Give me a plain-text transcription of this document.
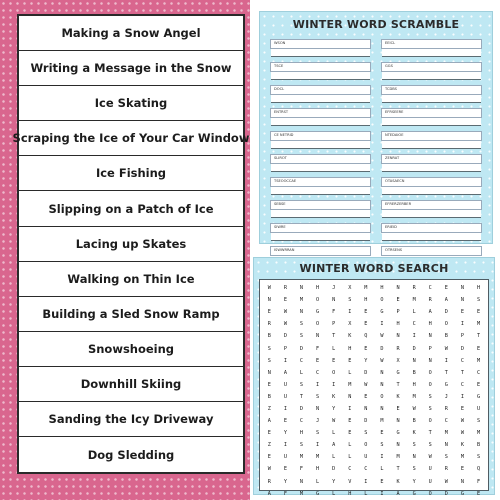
Making a Snow Angel
Writing a Message in the Snow
Ice Skating
Scraping the Ice of Your Car Window
Ice Fishing
Slipping on a Patch of Ice
Lacing up Skates
Walking on Thin Ice
Building a Sled Snow Ramp
Snowshoeing
Downhill Skiing
Sanding the Icy Driveway
Dog Sledding
WINTER WORD SCRAMBLE
WSON	EEICL
TSCE	GGS
DOCL	TCDBS
ENTRST	EFRSEERE
CE NETRID	NTEDAIOE
SLIROT	ZENRAT
TSEOOCCAE	OTASAECN
SEBSE	EFRERZERBER
SIWRE	ERIEID
ISWWRRAN	OTRSENS
WINTER WORD SEARCH
W	R	N	H	J	X	M	H	N	R	C	E	N	H
N	E	M	O	N	S	H	O	E	M	R	A	N	S
E	W	N	G	F	I	E	G	P	L	A	D	E	E
R	W	S	O	P	X	E	I	H	C	H	O	I	M
B	D	S	N	T	K	Q	W	N	I	N	B	P	T
S	P	D	F	L	H	E	D	R	D	P	W	D	E
S	I	C	E	E	E	Y	W	X	N	N	I	C	M
N	A	L	C	O	L	D	N	G	B	O	T	T	C
E	U	S	I	I	M	W	N	T	H	O	G	C	E
B	U	T	S	K	N	E	O	K	M	S	J	I	G
Z	I	D	N	Y	I	N	N	E	W	S	R	E	U
A	E	C	J	W	E	D	M	N	B	O	C	W	S
E	Y	H	S	L	E	S	E	G	K	T	M	W	M
Z	I	S	I	A	L	O	S	N	S	S	N	K	B
E	U	M	M	L	L	U	I	M	N	W	S	M	S
W	E	F	H	D	C	C	L	T	S	U	R	E	Q
R	Y	N	L	Y	V	I	E	K	Y	U	W	N	F
A	F	M	G	L	H	L	I	A	G	O	D	G	E
